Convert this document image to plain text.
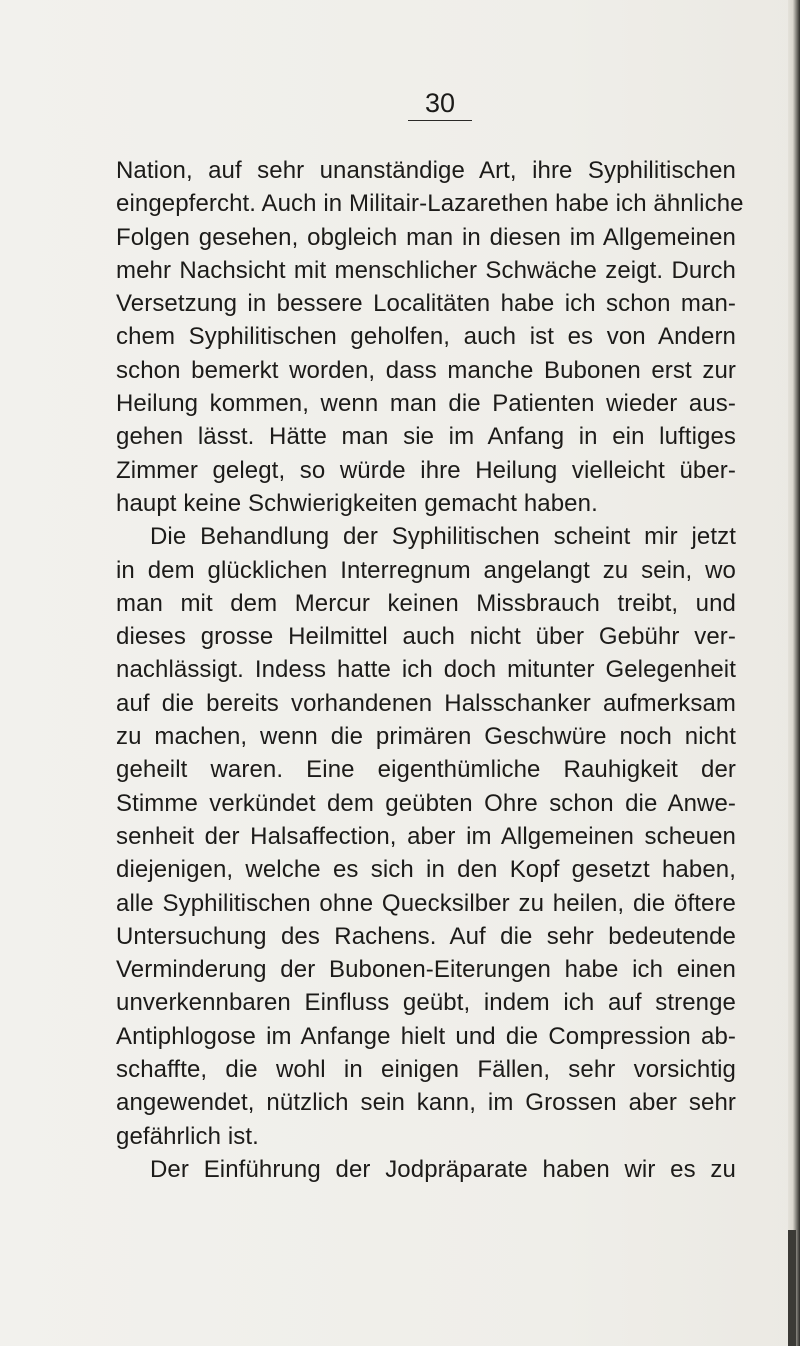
30
Nation, auf sehr unanständige Art, ihre Syphilitischen
eingepfercht. Auch in Militair-Lazarethen habe ich ähnliche
Folgen gesehen, obgleich man in diesen im Allgemeinen
mehr Nachsicht mit menschlicher Schwäche zeigt. Durch
Versetzung in bessere Localitäten habe ich schon man-
chem Syphilitischen geholfen, auch ist es von Andern
schon bemerkt worden, dass manche Bubonen erst zur
Heilung kommen, wenn man die Patienten wieder aus-
gehen lässt. Hätte man sie im Anfang in ein luftiges
Zimmer gelegt, so würde ihre Heilung vielleicht über-
haupt keine Schwierigkeiten gemacht haben.
Die Behandlung der Syphilitischen scheint mir jetzt
in dem glücklichen Interregnum angelangt zu sein, wo
man mit dem Mercur keinen Missbrauch treibt, und
dieses grosse Heilmittel auch nicht über Gebühr ver-
nachlässigt. Indess hatte ich doch mitunter Gelegenheit
auf die bereits vorhandenen Halsschanker aufmerksam
zu machen, wenn die primären Geschwüre noch nicht
geheilt waren. Eine eigenthümliche Rauhigkeit der
Stimme verkündet dem geübten Ohre schon die Anwe-
senheit der Halsaffection, aber im Allgemeinen scheuen
diejenigen, welche es sich in den Kopf gesetzt haben,
alle Syphilitischen ohne Quecksilber zu heilen, die öftere
Untersuchung des Rachens. Auf die sehr bedeutende
Verminderung der Bubonen-Eiterungen habe ich einen
unverkennbaren Einfluss geübt, indem ich auf strenge
Antiphlogose im Anfange hielt und die Compression ab-
schaffte, die wohl in einigen Fällen, sehr vorsichtig
angewendet, nützlich sein kann, im Grossen aber sehr
gefährlich ist.
Der Einführung der Jodpräparate haben wir es zu
